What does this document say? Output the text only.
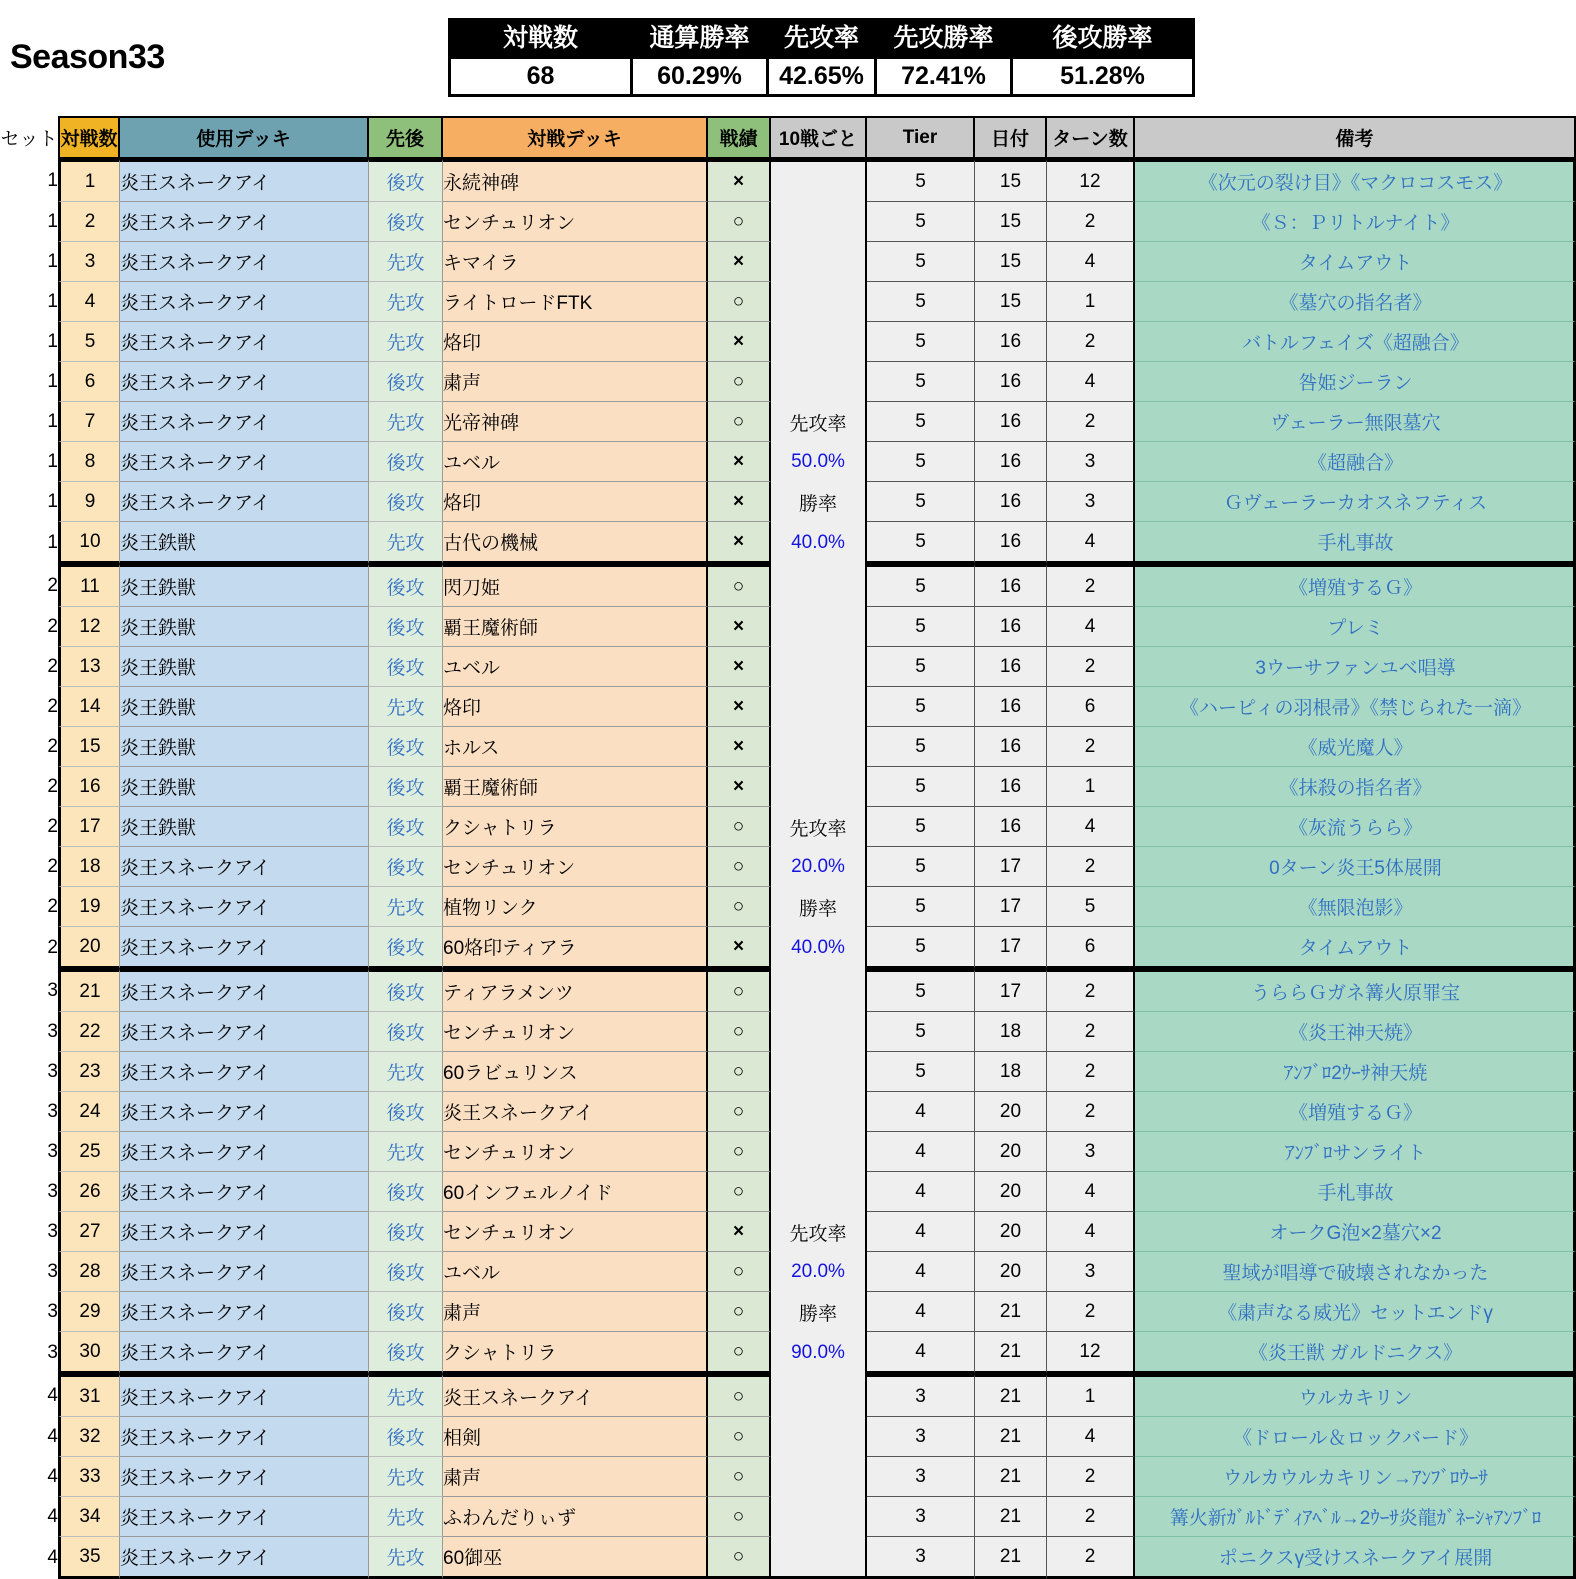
Season33	対戦数	通算勝率	先攻率	先攻勝率	後攻勝率
68	60.29%	42.65%	72.41%	51.28%
セット	対戦数	使用デッキ	先後	対戦デッキ	戦績	10戦ごと	Tier	日付	ターン数	備考
1	1	炎王スネークアイ	後攻	永続神碑	×		5	15	12	《次元の裂け目》《マクロコスモス》

1	2	炎王スネークアイ	後攻	センチュリオン	○		5	15	2	《Ｓ：Ｐリトルナイト》

1	3	炎王スネークアイ	先攻	キマイラ	×		5	15	4	タイムアウト

1	4	炎王スネークアイ	先攻	ライトロードFTK	○		5	15	1	《墓穴の指名者》

1	5	炎王スネークアイ	先攻	烙印	×		5	16	2	バトルフェイズ《超融合》

1	6	炎王スネークアイ	後攻	粛声	○		5	16	4	咎姫ジーラン

1	7	炎王スネークアイ	先攻	光帝神碑	○	先攻率	5	16	2	ヴェーラー無限墓穴

1	8	炎王スネークアイ	後攻	ユベル	×	50.0%	5	16	3	《超融合》

1	9	炎王スネークアイ	後攻	烙印	×	勝率	5	16	3	Ｇヴェーラーカオスネフティス

1	10	炎王鉄獣	先攻	古代の機械	×	40.0%	5	16	4	手札事故

2	11	炎王鉄獣	後攻	閃刀姫	○		5	16	2	《増殖するＧ》

2	12	炎王鉄獣	後攻	覇王魔術師	×		5	16	4	プレミ

2	13	炎王鉄獣	後攻	ユベル	×		5	16	2	3ウーサファンユベ唱導

2	14	炎王鉄獣	先攻	烙印	×		5	16	6	《ハーピィの羽根帚》《禁じられた一滴》

2	15	炎王鉄獣	後攻	ホルス	×		5	16	2	《威光魔人》

2	16	炎王鉄獣	後攻	覇王魔術師	×		5	16	1	《抹殺の指名者》

2	17	炎王鉄獣	後攻	クシャトリラ	○	先攻率	5	16	4	《灰流うらら》

2	18	炎王スネークアイ	後攻	センチュリオン	○	20.0%	5	17	2	0ターン炎王5体展開

2	19	炎王スネークアイ	先攻	植物リンク	○	勝率	5	17	5	《無限泡影》

2	20	炎王スネークアイ	後攻	60烙印ティアラ	×	40.0%	5	17	6	タイムアウト

3	21	炎王スネークアイ	後攻	ティアラメンツ	○		5	17	2	うららＧガネ篝火原罪宝

3	22	炎王スネークアイ	後攻	センチュリオン	○		5	18	2	《炎王神天焼》

3	23	炎王スネークアイ	先攻	60ラビュリンス	○		5	18	2	ｱﾝﾌﾞﾛ2ｳｰｻ神天焼

3	24	炎王スネークアイ	後攻	炎王スネークアイ	○		4	20	2	《増殖するＧ》

3	25	炎王スネークアイ	先攻	センチュリオン	○		4	20	3	ｱﾝﾌﾞﾛサンライト

3	26	炎王スネークアイ	後攻	60インフェルノイド	○		4	20	4	手札事故

3	27	炎王スネークアイ	後攻	センチュリオン	×	先攻率	4	20	4	オークG泡×2墓穴×2

3	28	炎王スネークアイ	後攻	ユベル	○	20.0%	4	20	3	聖域が唱導で破壊されなかった

3	29	炎王スネークアイ	後攻	粛声	○	勝率	4	21	2	《粛声なる威光》セットエンドγ

3	30	炎王スネークアイ	後攻	クシャトリラ	○	90.0%	4	21	12	《炎王獣 ガルドニクス》

4	31	炎王スネークアイ	先攻	炎王スネークアイ	○		3	21	1	ウルカキリン

4	32	炎王スネークアイ	後攻	相剣	○		3	21	4	《ドロール＆ロックバード》

4	33	炎王スネークアイ	先攻	粛声	○		3	21	2	ウルカウルカキリン→ｱﾝﾌﾞﾛｳｰｻ

4	34	炎王スネークアイ	先攻	ふわんだりぃず	○		3	21	2	篝火新ｶﾞﾙﾄﾞﾃﾞｨｱﾍﾞﾙ→2ｳｰｻ炎龍ｶﾞﾈｰｼｬｱﾝﾌﾞﾛ

4	35	炎王スネークアイ	先攻	60御巫	○		3	21	2	ポニクスγ受けスネークアイ展開
